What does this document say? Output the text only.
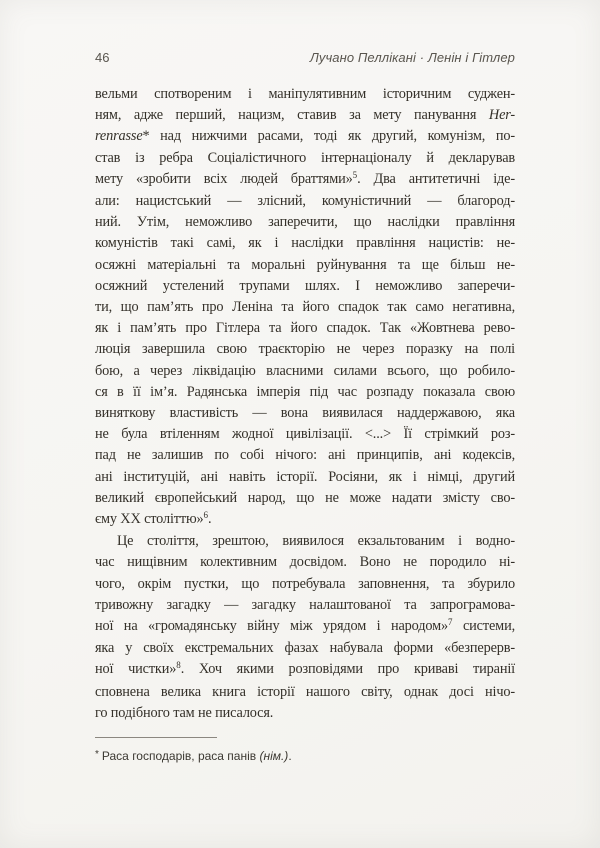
46	Лучано Пеллікані · Ленін і Гітлер
вельми спотвореним і маніпулятивним історичним суджен-
ням, адже перший, нацизм, ставив за мету панування Her-
renrasse* над нижчими расами, тоді як другий, комунізм, по-
став із ребра Соціалістичного інтернаціоналу й декларував
мету «зробити всіх людей браттями»$^5$. Два антитетичні іде-
али: нацистський — злісний, комуністичний — благород-
ний. Утім, неможливо заперечити, що наслідки правління
комуністів такі самі, як і наслідки правління нацистів: не-
осяжні матеріальні та моральні руйнування та ще більш не-
осяжний устелений трупами шлях. І неможливо заперечи-
ти, що пам’ять про Леніна та його спадок так само негативна,
як і пам’ять про Гітлера та його спадок. Так «Жовтнева рево-
люція завершила свою траєкторію не через поразку на полі
бою, а через ліквідацію власними силами всього, що робило-
ся в її ім’я. Радянська імперія під час розпаду показала свою
виняткову властивість — вона виявилася наддержавою, яка
не була втіленням жодної цивілізації. <...> Її стрімкий роз-
пад не залишив по собі нічого: ані принципів, ані кодексів,
ані інституцій, ані навіть історії. Росіяни, як і німці, другий
великий європейський народ, що не може надати змісту сво-
єму ХХ століттю»$^6$.
Це століття, зрештою, виявилося екзальтованим і водно-
час нищівним колективним досвідом. Воно не породило ні-
чого, окрім пустки, що потребувала заповнення, та збурило
тривожну загадку — загадку налаштованої та запрограмова-
ної на «громадянську війну між урядом і народом»$^7$ системи,
яка у своїх екстремальних фазах набувала форми «безперерв-
ної чистки»$^8$. Хоч якими розповідями про криваві тиранії
сповнена велика книга історії нашого світу, однак досі нічо-
го подібного там не писалося.
* Раса господарів, раса панів (нім.).
